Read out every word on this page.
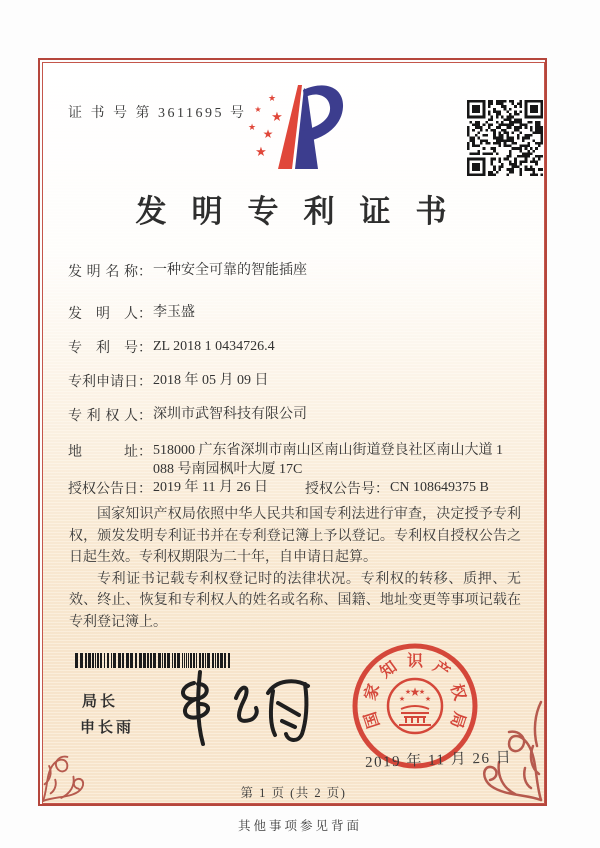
证 书 号 第 3611695 号
★
★
★
★ ★
★
发明专利证书
发明名称：一种安全可靠的智能插座
发明人：李玉盛
专利号：ZL 2018 1 0434726.4
专利申请日：2018 年 05 月 09 日
专利权人：深圳市武智科技有限公司
地址： 518000 广东省深圳市南山区南山街道登良社区南山大道 1
088 号南园枫叶大厦 17C
授权公告日：2019 年 11 月 26 日	授权公告号：CN 108649375 B

国家知识产权局依照中华人民共和国专利法进行审查，决定授予专利权，颁发发明专利证书并在专利登记簿上予以登记。专利权自授权公告之日起生效。专利权期限为二十年，自申请日起算。

专利证书记载专利权登记时的法律状况。专利权的转移、质押、无效、终止、恢复和专利权人的姓名或名称、国籍、地址变更等事项记载在专利登记簿上。

局长
申长雨	国
家
知 识 产
权
局
★
★
★ ★
★
2019 年 11 月 26 日
第 1 页 (共 2 页)
其他事项参见背面
